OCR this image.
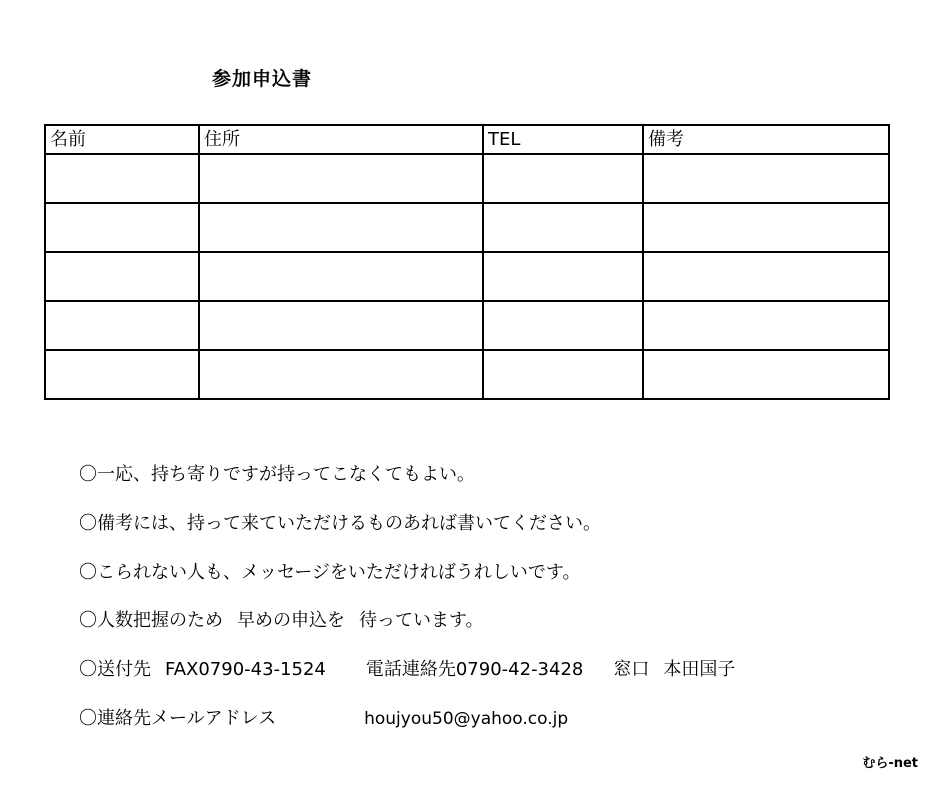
参加申込書
名前	住所	TEL	備考

〇一応、持ち寄りですが持ってこなくてもよい。
〇備考には、持って来ていただけるものあれば書いてください。
〇こられない人も、メッセージをいただければうれしいです。
〇人数把握のため 早めの申込を 待っています。
〇送付先 FAX0790-43-1524 電話連絡先0790-42-3428 窓口 本田国子
〇連絡先メールアドレス	houjyou50@yahoo.co.jp
むら-net
